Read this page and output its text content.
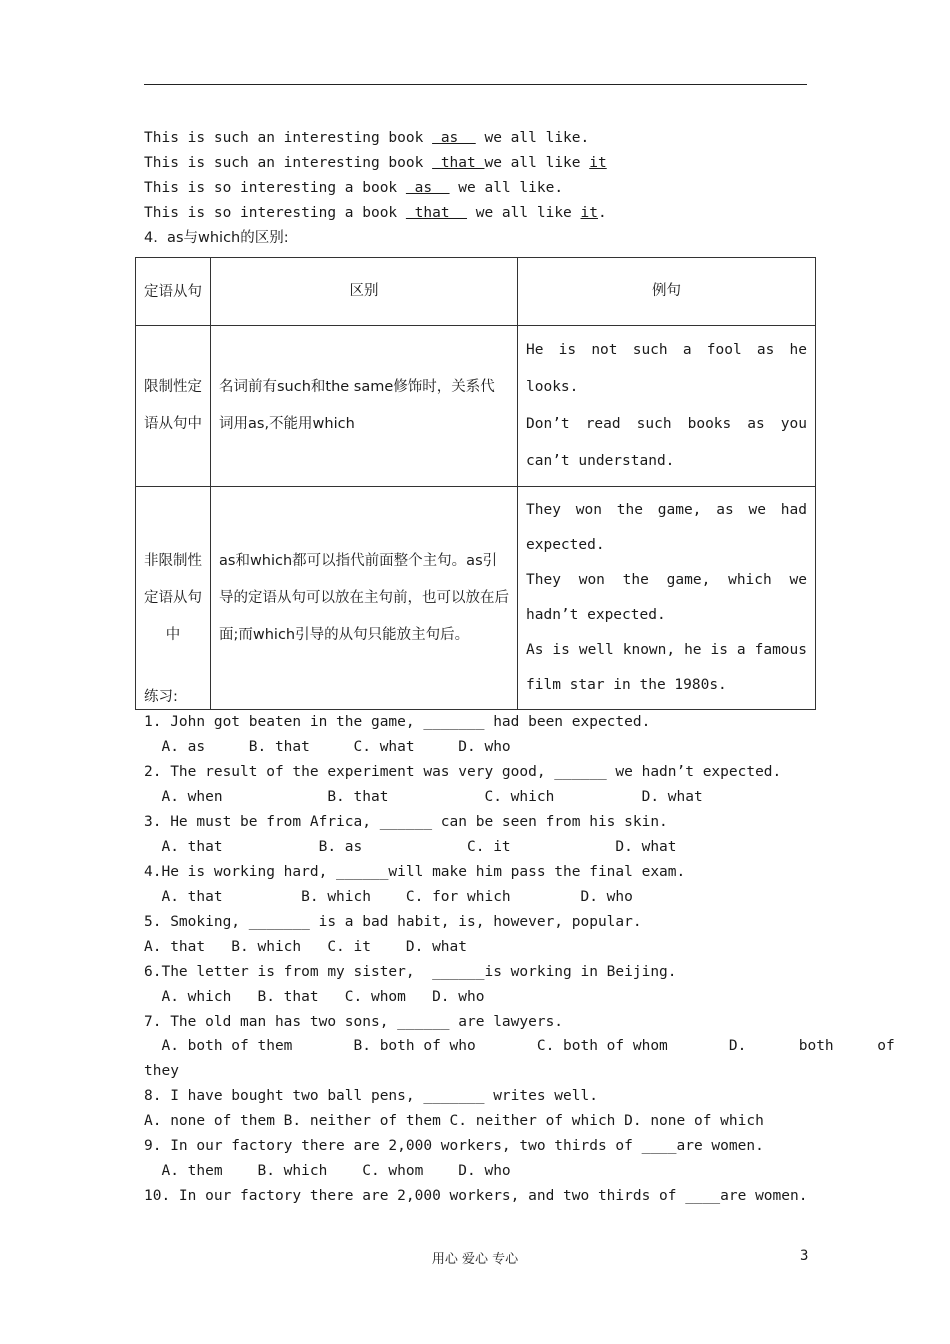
This is such an interesting book  as   we all like.
This is such an interesting book  that we all like it
This is so interesting a book  as   we all like.
This is so interesting a book  that   we all like it.
4.  as与which的区别:
定语从句	区别	例句
限制性定语从句中	名词前有such和the same修饰时，关系代词用as,不能用which	He is not such a fool as he looks.
Don’t read such books as you can’t understand.

非限制性定语从句中	as和which都可以指代前面整个主句。as引导的定语从句可以放在主句前，也可以放在后面;而which引导的从句只能放主句后。	They won the game, as we had expected.
They won the game, which we hadn’t expected.
As is well known, he is a famous film star in the 1980s.
练习:
1. John got beaten in the game, _______ had been expected.
A. as     B. that     C. what     D. who
2. The result of the experiment was very good, ______ we hadn’t expected.
A. when            B. that           C. which          D. what
3. He must be from Africa, ______ can be seen from his skin.
A. that           B. as            C. it            D. what
4.He is working hard, ______will make him pass the final exam.
A. that         B. which    C. for which        D. who
5. Smoking, _______ is a bad habit, is, however, popular.
A. that   B. which   C. it    D. what
6.The letter is from my sister,  ______is working in Beijing.
A. which   B. that   C. whom   D. who
7. The old man has two sons, ______ are lawyers.
A. both of them       B. both of who       C. both of whom       D.      both     of
they
8. I have bought two ball pens, _______ writes well.
A. none of them B. neither of them C. neither of which D. none of which
9. In our factory there are 2,000 workers, two thirds of ____are women.
A. them    B. which    C. whom    D. who
10. In our factory there are 2,000 workers, and two thirds of ____are women.
用心 爱心 专心	3
